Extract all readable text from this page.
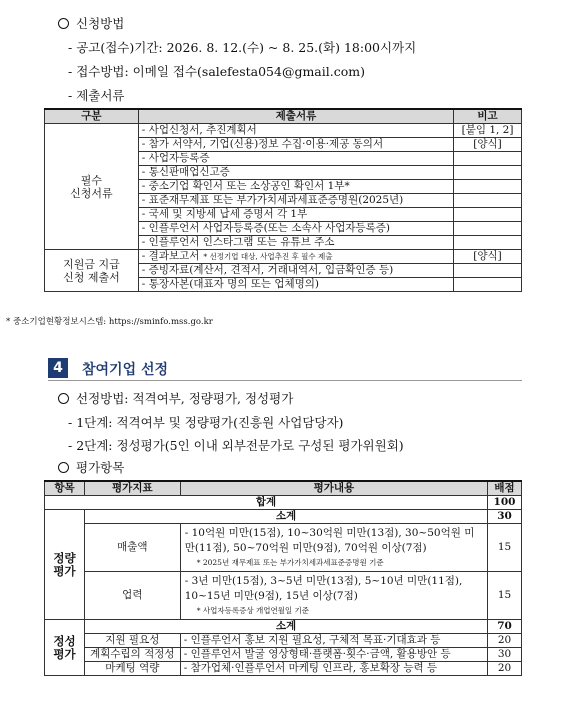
신청방법
- 공고(접수)기간: 2026. 8. 12.(수) ~ 8. 25.(화) 18:00시까지
- 접수방법: 이메일 접수(salefesta054@gmail.com)
- 제출서류
구분	제출서류	비고
필수
신청서류	- 사업신청서, 추진계획서	[붙임 1, 2]
	- 참가 서약서, 기업(신용)정보 수집·이용·제공 동의서	[양식]
	- 사업자등록증	
	- 통신판매업신고증	
	- 중소기업 확인서 또는 소상공인 확인서 1부*	
	- 표준재무제표 또는 부가가치세과세표준증명원(2025년)	
	- 국세 및 지방세 납세 증명서 각 1부	
	- 인플루언서 사업자등록증(또는 소속사 사업자등록증)	
	- 인플루언서 인스타그램 또는 유튜브 주소	
지원금 지급
신청 제출서	- 결과보고서 * 선정기업 대상, 사업추진 후 필수 제출	[양식]
	- 증빙자료(계산서, 견적서, 거래내역서, 입금확인증 등)	
	- 통장사본(대표자 명의 또는 업체명의)	
* 중소기업현황정보시스템: https://sminfo.mss.go.kr
4	참여기업 선정
선정방법: 적격여부, 정량평가, 정성평가
- 1단계: 적격여부 및 정량평가(진흥원 사업담당자)
- 2단계: 정성평가(5인 이내 외부전문가로 구성된 평가위원회)
평가항목
항목	평가지표	평가내용	배점
합계			100
정량
평가	소계		30
	매출액	- 10억원 미만(15점), 10~30억원 미만(13점), 30~50억원 미만(11점), 50~70억원 미만(9점), 70억원 이상(7점)
* 2025년 재무제표 또는 부가가치세과세표준증명원 기준	15
	업력	- 3년 미만(15점), 3~5년 미만(13점), 5~10년 미만(11점), 10~15년 미만(9점), 15년 이상(7점)
* 사업자등록증상 개업연월일 기준	15
정성
평가	소계		70
	지원 필요성	- 인플루언서 홍보 지원 필요성, 구체적 목표·기대효과 등	20
	계획수립의 적정성	- 인플루언서 발굴 영상형태·플랫폼·횟수·금액, 활용방안 등	30
	마케팅 역량	- 참가업체·인플루언서 마케팅 인프라, 홍보확장 능력 등	20
